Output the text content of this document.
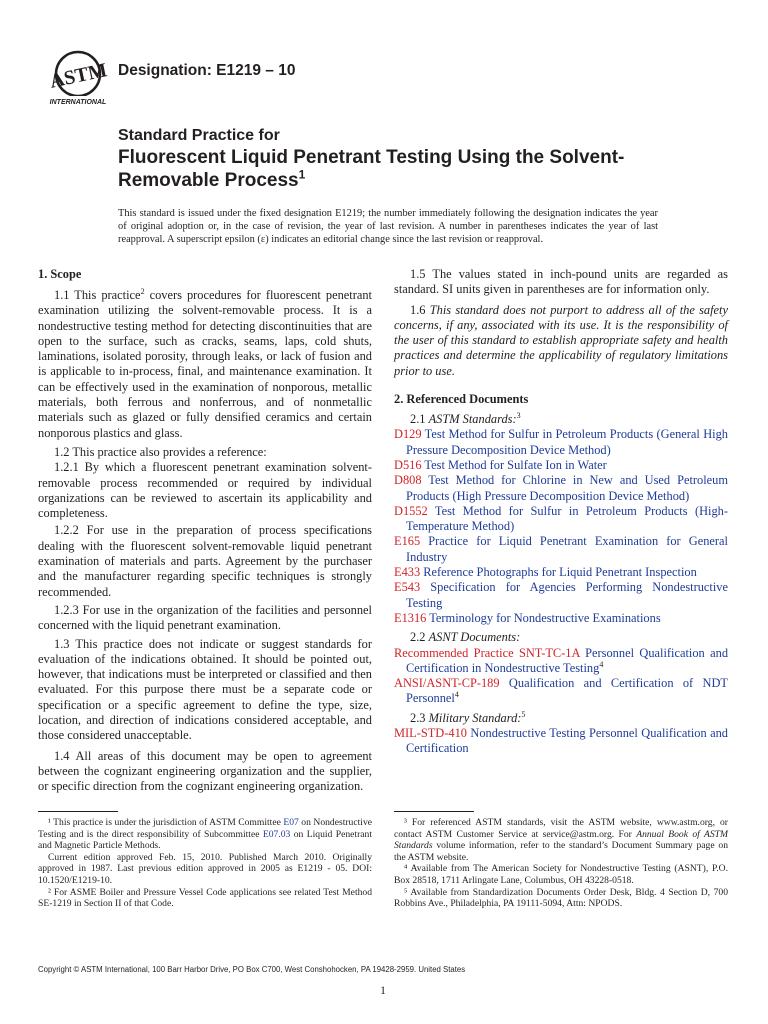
ASTM
INTERNATIONAL
Designation: E1219 – 10
Standard Practice for
Fluorescent Liquid Penetrant Testing Using the Solvent-Removable Process$^1$
This standard is issued under the fixed designation E1219; the number immediately following the designation indicates the year of original adoption or, in the case of revision, the year of last revision. A number in parentheses indicates the year of last reapproval. A superscript epsilon (ε) indicates an editorial change since the last revision or reapproval.
1. Scope

1.1 This practice$^2$ covers procedures for fluorescent penetrant examination utilizing the solvent-removable process. It is a nondestructive testing method for detecting discontinuities that are open to the surface, such as cracks, seams, laps, cold shuts, laminations, isolated porosity, through leaks, or lack of fusion and is applicable to in-process, final, and maintenance examination. It can be effectively used in the examination of nonporous, metallic materials, both ferrous and nonferrous, and of nonmetallic materials such as glazed or fully densified ceramics and certain nonporous plastics and glass.

1.2 This practice also provides a reference:

1.2.1 By which a fluorescent penetrant examination solvent-removable process recommended or required by individual organizations can be reviewed to ascertain its applicability and completeness.

1.2.2 For use in the preparation of process specifications dealing with the fluorescent solvent-removable liquid penetrant examination of materials and parts. Agreement by the purchaser and the manufacturer regarding specific techniques is strongly recommended.

1.2.3 For use in the organization of the facilities and personnel concerned with the liquid penetrant examination.

1.3 This practice does not indicate or suggest standards for evaluation of the indications obtained. It should be pointed out, however, that indications must be interpreted or classified and then evaluated. For this purpose there must be a separate code or specification or a specific agreement to define the type, size, location, and direction of indications considered acceptable, and those considered unacceptable.

1.4 All areas of this document may be open to agreement between the cognizant engineering organization and the supplier, or specific direction from the cognizant engineering organization.

1.5 The values stated in inch-pound units are regarded as standard. SI units given in parentheses are for information only.

1.6 This standard does not purport to address all of the safety concerns, if any, associated with its use. It is the responsibility of the user of this standard to establish appropriate safety and health practices and determine the applicability of regulatory limitations prior to use.

2. Referenced Documents

2.1 ASTM Standards:$^3$

D129 Test Method for Sulfur in Petroleum Products (General High Pressure Decomposition Device Method)
D516 Test Method for Sulfate Ion in Water
D808 Test Method for Chlorine in New and Used Petroleum Products (High Pressure Decomposition Device Method)
D1552 Test Method for Sulfur in Petroleum Products (High-Temperature Method)
E165 Practice for Liquid Penetrant Examination for General Industry
E433 Reference Photographs for Liquid Penetrant Inspection
E543 Specification for Agencies Performing Nondestructive Testing
E1316 Terminology for Nondestructive Examinations

2.2 ASNT Documents:

Recommended Practice SNT-TC-1A Personnel Qualification and Certification in Nondestructive Testing$^4$
ANSI/ASNT-CP-189 Qualification and Certification of NDT Personnel$^4$

2.3 Military Standard:$^5$

MIL-STD-410 Nondestructive Testing Personnel Qualification and Certification

¹ This practice is under the jurisdiction of ASTM Committee E07 on Nondestructive Testing and is the direct responsibility of Subcommittee E07.03 on Liquid Penetrant and Magnetic Particle Methods.

Current edition approved Feb. 15, 2010. Published March 2010. Originally approved in 1987. Last previous edition approved in 2005 as E1219 - 05. DOI: 10.1520/E1219-10.

² For ASME Boiler and Pressure Vessel Code applications see related Test Method SE-1219 in Section II of that Code.

³ For referenced ASTM standards, visit the ASTM website, www.astm.org, or contact ASTM Customer Service at service@astm.org. For Annual Book of ASTM Standards volume information, refer to the standard’s Document Summary page on the ASTM website.

⁴ Available from The American Society for Nondestructive Testing (ASNT), P.O. Box 28518, 1711 Arlingate Lane, Columbus, OH 43228-0518.

⁵ Available from Standardization Documents Order Desk, Bldg. 4 Section D, 700 Robbins Ave., Philadelphia, PA 19111-5094, Attn: NPODS.

Copyright © ASTM International, 100 Barr Harbor Drive, PO Box C700, West Conshohocken, PA 19428-2959. United States
1
